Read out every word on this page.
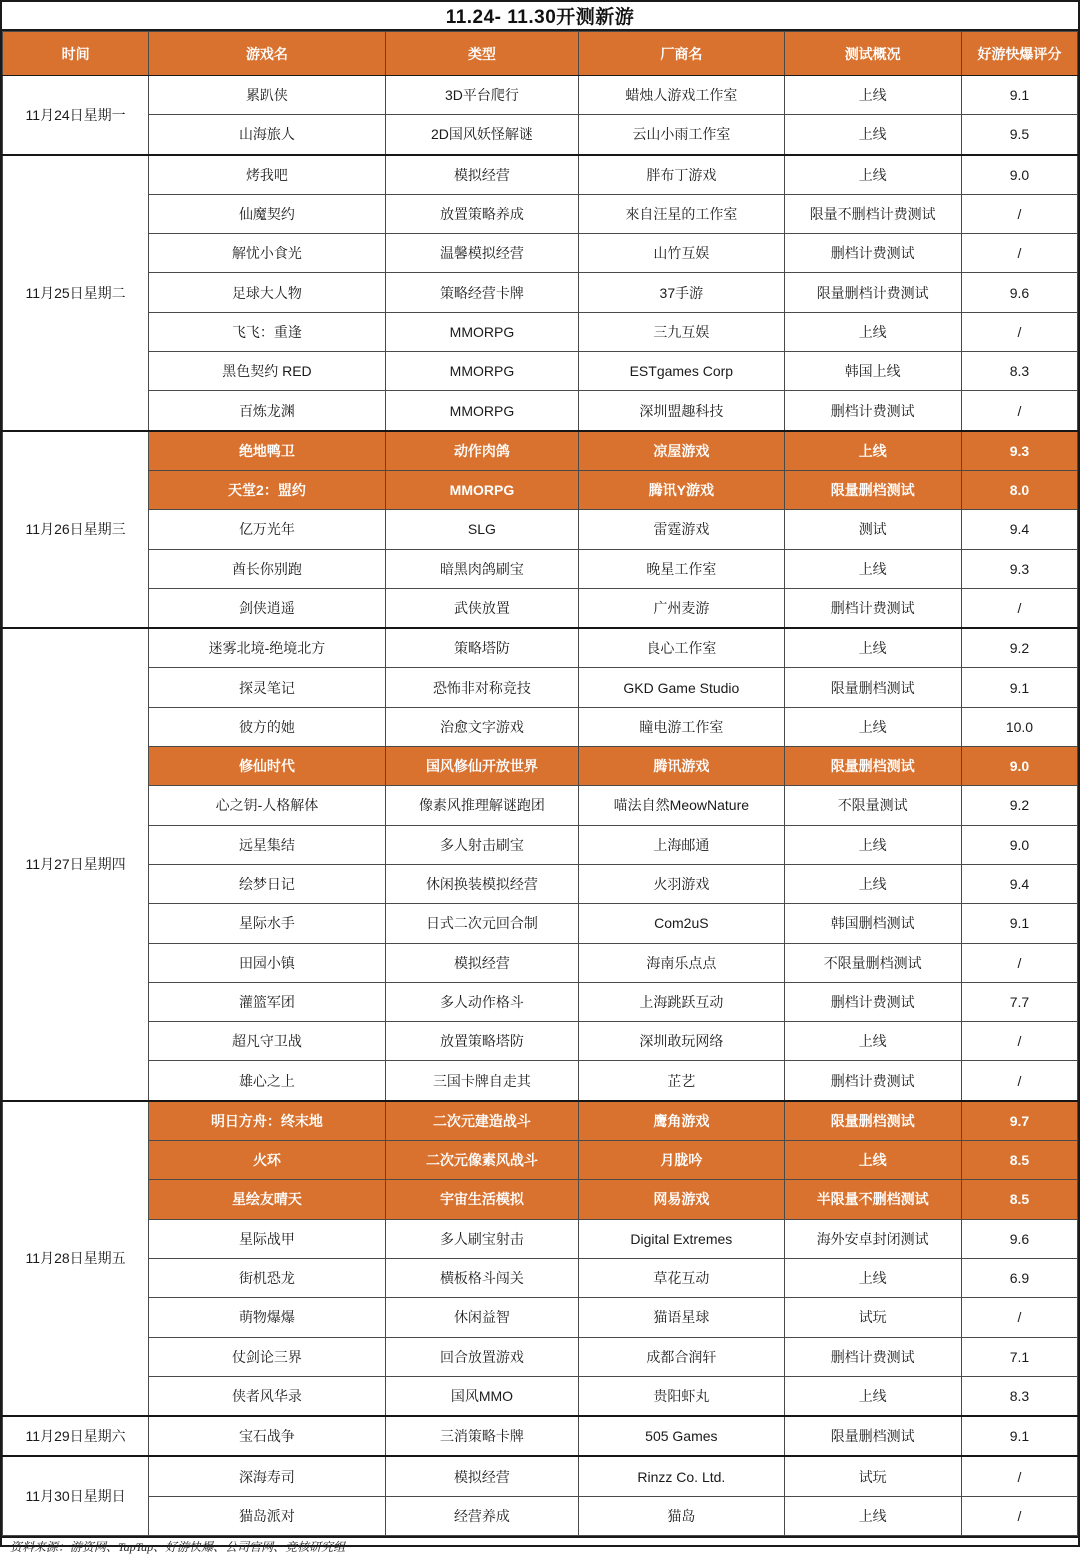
11.24- 11.30开测新游
时间	游戏名	类型	厂商名	测试概况	好游快爆评分
11月24日星期一	累趴侠	3D平台爬行	蜡烛人游戏工作室	上线	9.1
	山海旅人	2D国风妖怪解谜	云山小雨工作室	上线	9.5
11月25日星期二	烤我吧	模拟经营	胖布丁游戏	上线	9.0
	仙魔契约	放置策略养成	來自汪星的工作室	限量不删档计费测试	/
	解忧小食光	温馨模拟经营	山竹互娱	删档计费测试	/
	足球大人物	策略经营卡牌	37手游	限量删档计费测试	9.6
	飞飞：重逢	MMORPG	三九互娱	上线	/
	黑色契约 RED	MMORPG	ESTgames Corp	韩国上线	8.3
	百炼龙渊	MMORPG	深圳盟趣科技	删档计费测试	/
11月26日星期三	绝地鸭卫	动作肉鸽	凉屋游戏	上线	9.3
	天堂2：盟约	MMORPG	腾讯Y游戏	限量删档测试	8.0
	亿万光年	SLG	雷霆游戏	测试	9.4
	酋长你别跑	暗黑肉鸽刷宝	晚星工作室	上线	9.3
	剑侠逍遥	武侠放置	广州麦游	删档计费测试	/
11月27日星期四	迷雾北境-绝境北方	策略塔防	良心工作室	上线	9.2
	探灵笔记	恐怖非对称竞技	GKD Game Studio	限量删档测试	9.1
	彼方的她	治愈文字游戏	瞳电游工作室	上线	10.0
	修仙时代	国风修仙开放世界	腾讯游戏	限量删档测试	9.0
	心之钥-人格解体	像素风推理解谜跑团	喵法自然MeowNature	不限量测试	9.2
	远星集结	多人射击刷宝	上海邮通	上线	9.0
	绘梦日记	休闲换装模拟经营	火羽游戏	上线	9.4
	星际水手	日式二次元回合制	Com2uS	韩国删档测试	9.1
	田园小镇	模拟经营	海南乐点点	不限量删档测试	/
	灌篮军团	多人动作格斗	上海跳跃互动	删档计费测试	7.7
	超凡守卫战	放置策略塔防	深圳敢玩网络	上线	/
	雄心之上	三国卡牌自走其	芷艺	删档计费测试	/
11月28日星期五	明日方舟：终末地	二次元建造战斗	鹰角游戏	限量删档测试	9.7
	火环	二次元像素风战斗	月胧吟	上线	8.5
	星绘友晴天	宇宙生活模拟	网易游戏	半限量不删档测试	8.5
	星际战甲	多人刷宝射击	Digital Extremes	海外安卓封闭测试	9.6
	街机恐龙	横板格斗闯关	草花互动	上线	6.9
	萌物爆爆	休闲益智	猫语星球	试玩	/
	仗剑论三界	回合放置游戏	成都合润轩	删档计费测试	7.1
	侠者风华录	国风MMO	贵阳虾丸	上线	8.3
11月29日星期六	宝石战争	三消策略卡牌	505 Games	限量删档测试	9.1
11月30日星期日	深海寿司	模拟经营	Rinzz Co. Ltd.	试玩	/
	猫岛派对	经营养成	猫岛	上线	/
资料来源：游资网、TapTap、好游快爆、公司官网、竞核研究组
